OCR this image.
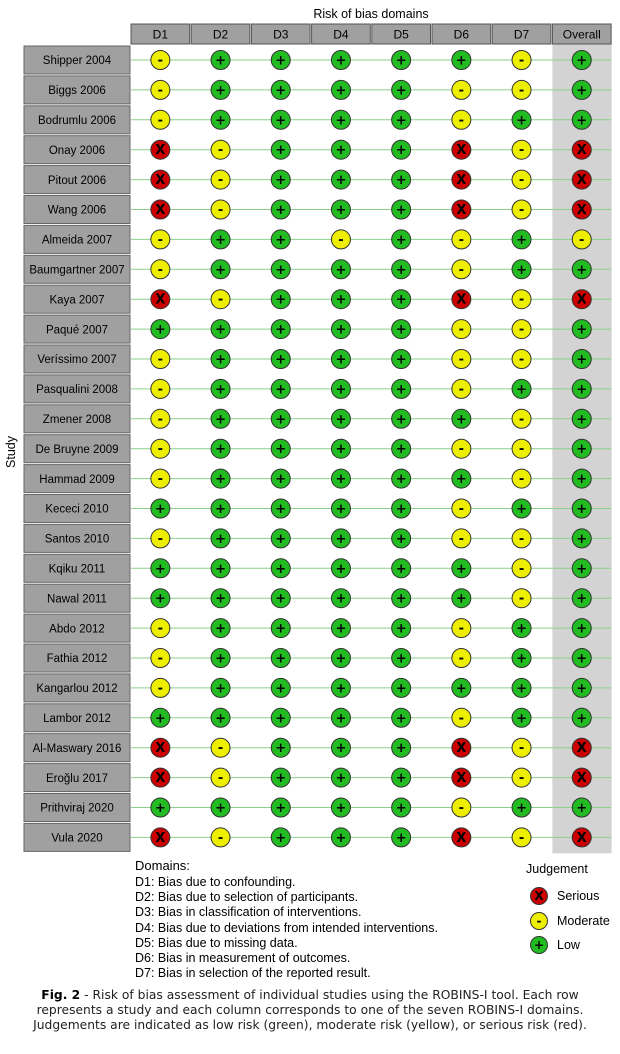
Risk of bias domains
Study
D1	D2	D3	D4	D5	D6	D7	Overall
Shipper 2004	-	+	+	+	+	+	-	+
Biggs 2006	-	+	+	+	+	-	-	+
Bodrumlu 2006	-	+	+	+	+	-	+	+
Onay 2006	X	-	+	+	+	X	-	X
Pitout 2006	X	-	+	+	+	X	-	X
Wang 2006	X	-	+	+	+	X	-	X
Almeida 2007	-	+	+	-	+	-	+	-
Baumgartner 2007	-	+	+	+	+	-	+	+
Kaya 2007	X	-	+	+	+	X	-	X
Paqué 2007	+	+	+	+	+	-	-	+
Veríssimo 2007	-	+	+	+	+	-	-	+
Pasqualini 2008	-	+	+	+	+	-	+	+
Zmener 2008	-	+	+	+	+	+	-	+
De Bruyne 2009	-	+	+	+	+	-	-	+
Hammad 2009	-	+	+	+	+	+	-	+
Kececi 2010	+	+	+	+	+	-	+	+
Santos 2010	-	+	+	+	+	-	-	+
Kqiku 2011	+	+	+	+	+	+	-	+
Nawal 2011	+	+	+	+	+	+	-	+
Abdo 2012	-	+	+	+	+	-	+	+
Fathia 2012	-	+	+	+	+	-	+	+
Kangarlou 2012	-	+	+	+	+	+	+	+
Lambor 2012	+	+	+	+	+	-	+	+
Al-Maswary 2016	X	-	+	+	+	X	-	X
Eroğlu 2017	X	-	+	+	+	X	-	X
Prithviraj 2020	+	+	+	+	+	-	+	+
Vula 2020	X	-	+	+	+	X	-	X
Domains:
D1: Bias due to confounding.
D2: Bias due to selection of participants.
D3: Bias in classification of interventions.
D4: Bias due to deviations from intended interventions.
D5: Bias due to missing data.
D6: Bias in measurement of outcomes.
D7: Bias in selection of the reported result.
Judgement
X	Serious
-	Moderate
+	Low
Fig. 2 - Risk of bias assessment of individual studies using the ROBINS-I tool. Each row represents a study and each column corresponds to one of the seven ROBINS-I domains. Judgements are indicated as low risk (green), moderate risk (yellow), or serious risk (red).
